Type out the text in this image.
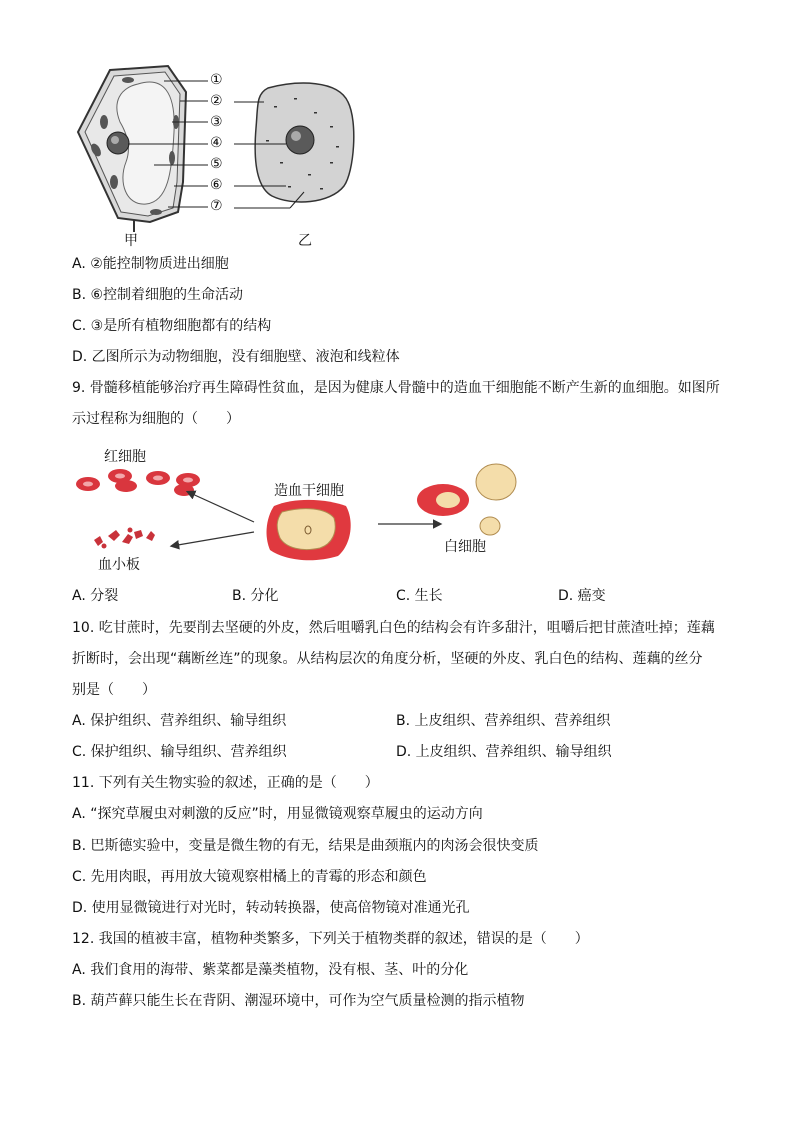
①
②
③
④
⑤
⑥
⑦
甲	乙
A. ②能控制物质进出细胞
B. ⑥控制着细胞的生命活动
C. ③是所有植物细胞都有的结构
D. 乙图所示为动物细胞，没有细胞壁、液泡和线粒体
9. 骨髓移植能够治疗再生障碍性贫血，是因为健康人骨髓中的造血干细胞能不断产生新的血细胞。如图所
示过程称为细胞的（　　）
红细胞
造血干细胞
血小板
白细胞
A. 分裂	B. 分化	C. 生长	D. 癌变
10. 吃甘蔗时，先要削去坚硬的外皮，然后咀嚼乳白色的结构会有许多甜汁，咀嚼后把甘蔗渣吐掉；莲藕
折断时，会出现“藕断丝连”的现象。从结构层次的角度分析，坚硬的外皮、乳白色的结构、莲藕的丝分
别是（　　）
A. 保护组织、营养组织、输导组织	B. 上皮组织、营养组织、营养组织
C. 保护组织、输导组织、营养组织	D. 上皮组织、营养组织、输导组织
11. 下列有关生物实验的叙述，正确的是（　　）
A. “探究草履虫对刺激的反应”时，用显微镜观察草履虫的运动方向
B. 巴斯德实验中，变量是微生物的有无，结果是曲颈瓶内的肉汤会很快变质
C. 先用肉眼，再用放大镜观察柑橘上的青霉的形态和颜色
D. 使用显微镜进行对光时，转动转换器，使高倍物镜对准通光孔
12. 我国的植被丰富，植物种类繁多，下列关于植物类群的叙述，错误的是（　　）
A. 我们食用的海带、紫菜都是藻类植物，没有根、茎、叶的分化
B. 葫芦藓只能生长在背阴、潮湿环境中，可作为空气质量检测的指示植物
